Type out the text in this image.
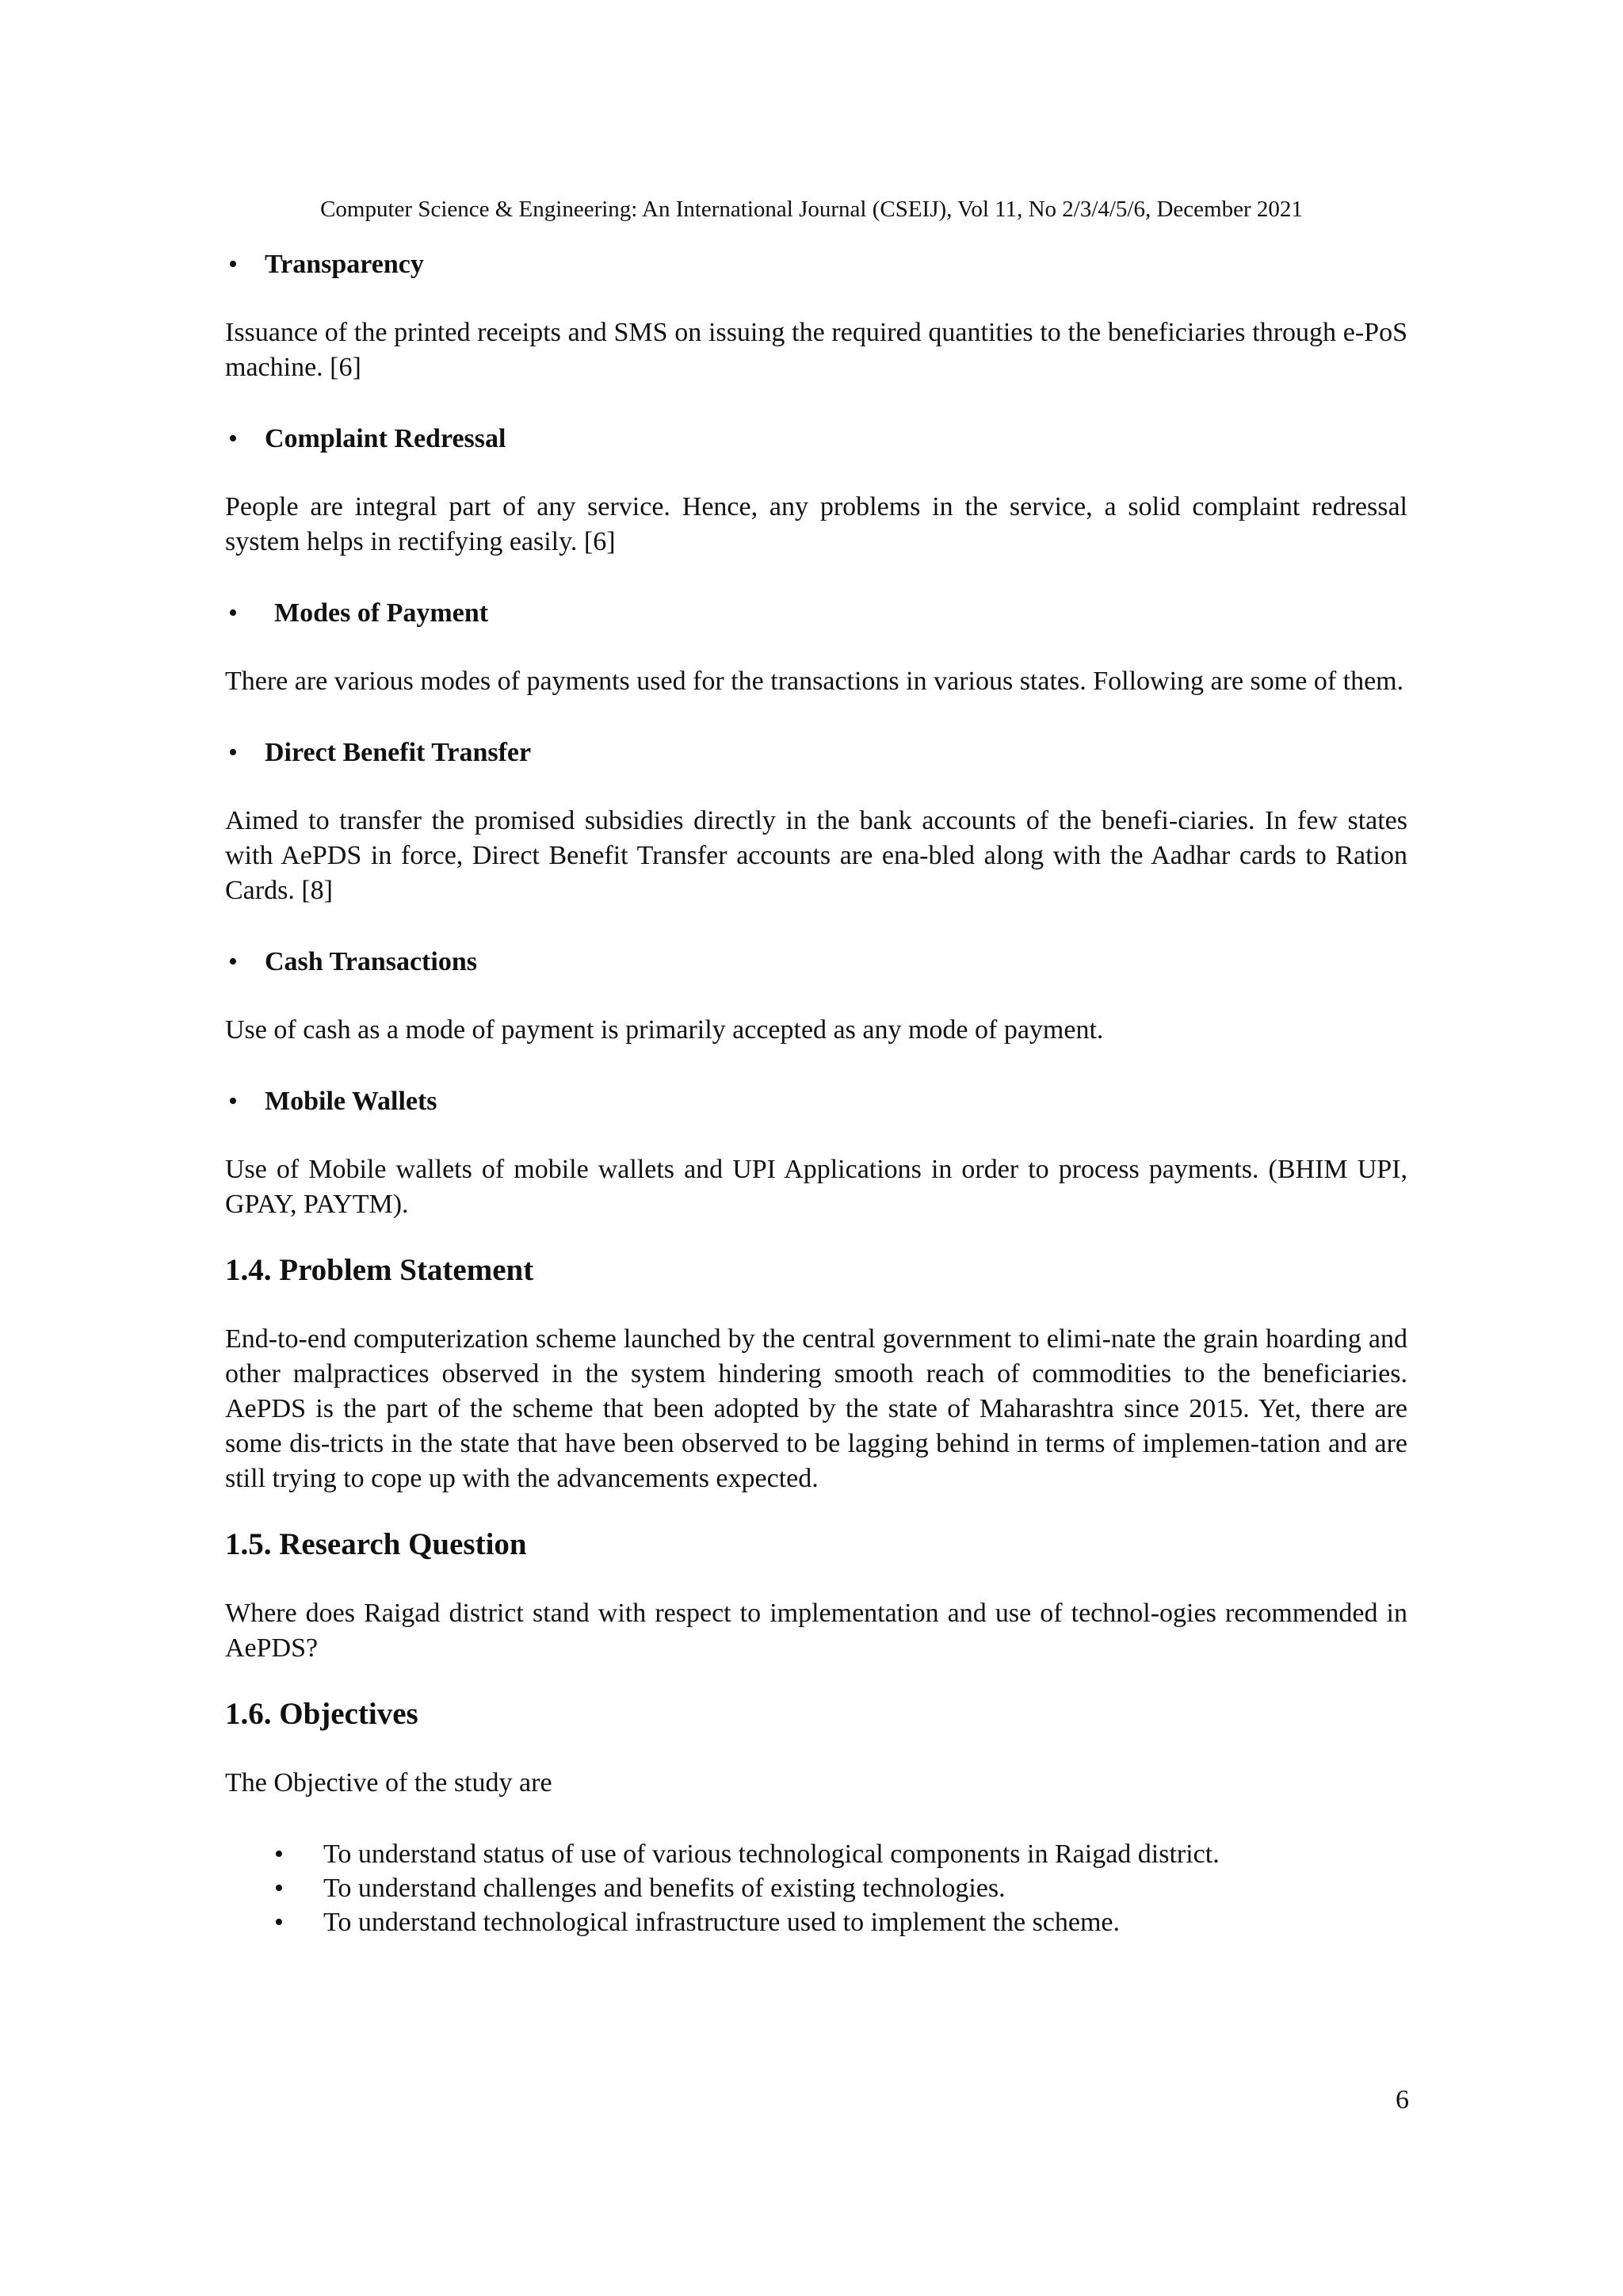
Computer Science & Engineering: An International Journal (CSEIJ), Vol 11, No 2/3/4/5/6, December 2021

• Transparency

Issuance of the printed receipts and SMS on issuing the required quantities to the beneficiaries through e-PoS machine. [6]

• Complaint Redressal

People are integral part of any service. Hence, any problems in the service, a solid complaint redressal system helps in rectifying easily. [6]

• Modes of Payment

There are various modes of payments used for the transactions in various states. Following are some of them.

• Direct Benefit Transfer

Aimed to transfer the promised subsidies directly in the bank accounts of the benefi-ciaries. In few states with AePDS in force, Direct Benefit Transfer accounts are ena-bled along with the Aadhar cards to Ration Cards. [8]

• Cash Transactions

Use of cash as a mode of payment is primarily accepted as any mode of payment.

• Mobile Wallets

Use of Mobile wallets of mobile wallets and UPI Applications in order to process payments. (BHIM UPI, GPAY, PAYTM).

1.4. Problem Statement

End-to-end computerization scheme launched by the central government to elimi-nate the grain hoarding and other malpractices observed in the system hindering smooth reach of commodities to the beneficiaries. AePDS is the part of the scheme that been adopted by the state of Maharashtra since 2015. Yet, there are some dis-tricts in the state that have been observed to be lagging behind in terms of implemen-tation and are still trying to cope up with the advancements expected.

1.5. Research Question

Where does Raigad district stand with respect to implementation and use of technol-ogies recommended in AePDS?

1.6. Objectives

The Objective of the study are

• To understand status of use of various technological components in Raigad district.
• To understand challenges and benefits of existing technologies.
• To understand technological infrastructure used to implement the scheme.

6
